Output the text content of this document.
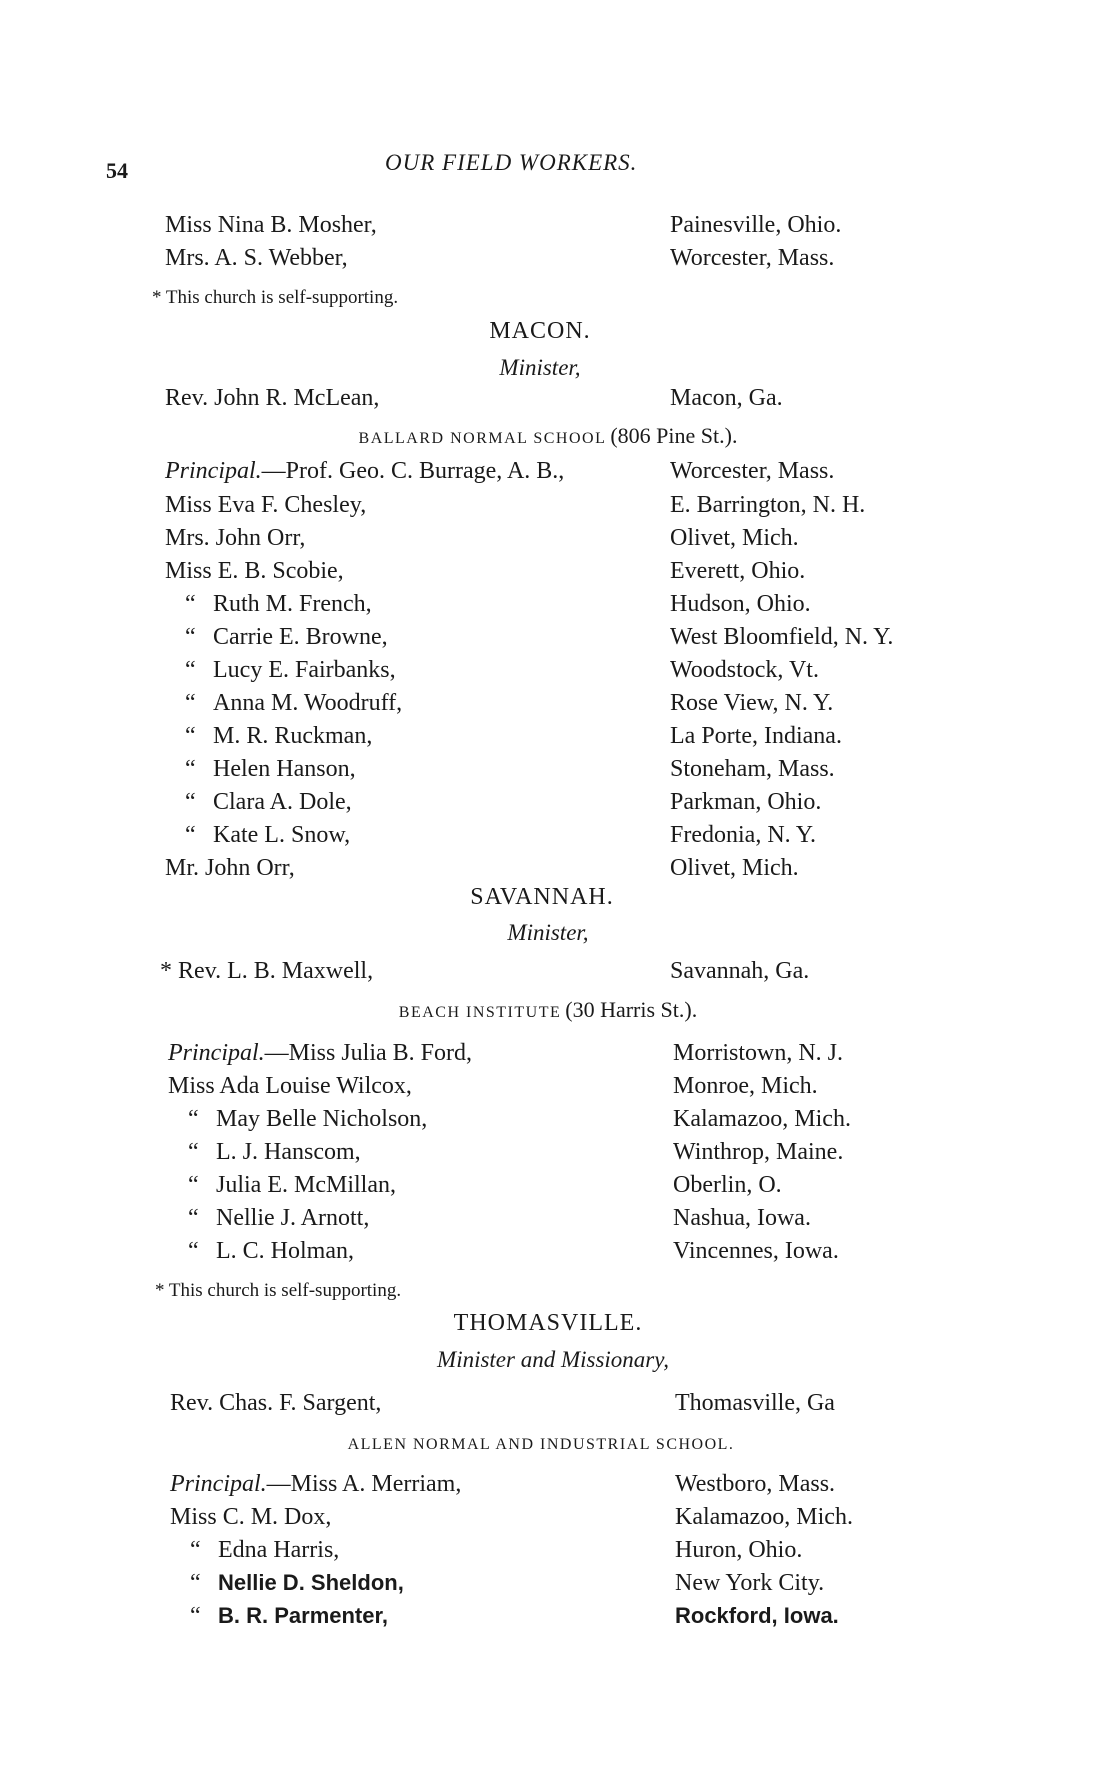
54	OUR FIELD WORKERS.
Miss Nina B. Mosher,	Painesville, Ohio.
Mrs. A. S. Webber,	Worcester, Mass.
* This church is self-supporting.
MACON.
Minister,
Rev. John R. McLean,	Macon, Ga.
BALLARD NORMAL SCHOOL (806 Pine St.).
Principal.—Prof. Geo. C. Burrage, A. B.,	Worcester, Mass.
Miss Eva F. Chesley,	E. Barrington, N. H.
Mrs. John Orr,	Olivet, Mich.
Miss E. B. Scobie,	Everett, Ohio.
“ Ruth M. French,	Hudson, Ohio.
“ Carrie E. Browne,	West Bloomfield, N. Y.
“ Lucy E. Fairbanks,	Woodstock, Vt.
“ Anna M. Woodruff,	Rose View, N. Y.
“ M. R. Ruckman,	La Porte, Indiana.
“ Helen Hanson,	Stoneham, Mass.
“ Clara A. Dole,	Parkman, Ohio.
“ Kate L. Snow,	Fredonia, N. Y.
Mr. John Orr,	Olivet, Mich.
SAVANNAH.
Minister,
* Rev. L. B. Maxwell,	Savannah, Ga.
BEACH INSTITUTE (30 Harris St.).
Principal.—Miss Julia B. Ford,	Morristown, N. J.
Miss Ada Louise Wilcox,	Monroe, Mich.
“ May Belle Nicholson,	Kalamazoo, Mich.
“ L. J. Hanscom,	Winthrop, Maine.
“ Julia E. McMillan,	Oberlin, O.
“ Nellie J. Arnott,	Nashua, Iowa.
“ L. C. Holman,	Vincennes, Iowa.
* This church is self-supporting.
THOMASVILLE.
Minister and Missionary,
Rev. Chas. F. Sargent,	Thomasville, Ga
ALLEN NORMAL AND INDUSTRIAL SCHOOL.
Principal.—Miss A. Merriam,	Westboro, Mass.
Miss C. M. Dox,	Kalamazoo, Mich.
“ Edna Harris,	Huron, Ohio.
“ Nellie D. Sheldon,	New York City.
“ B. R. Parmenter,	Rockford, Iowa.
